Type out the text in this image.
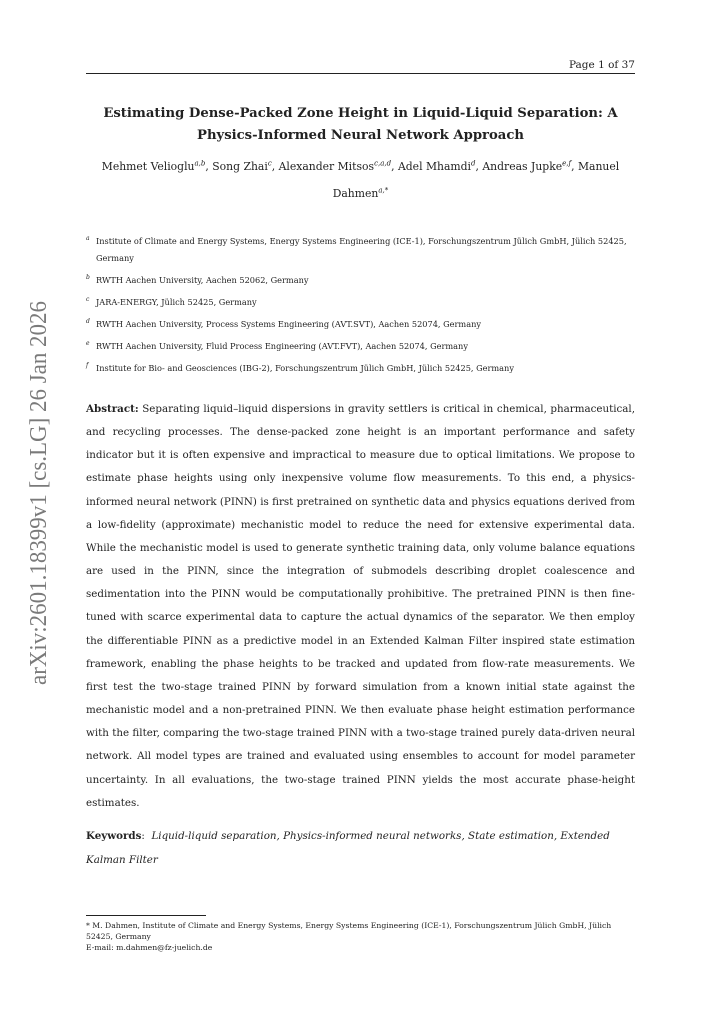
arXiv:2601.18399v1 [cs.LG] 26 Jan 2026
Page 1 of 37
Estimating Dense-Packed Zone Height in Liquid-Liquid Separation: A
Physics-Informed Neural Network Approach
Mehmet Velioglu$^{a,b}$, Song Zhai$^c$, Alexander Mitsos$^{c,a,d}$, Adel Mhamdi$^d$, Andreas Jupke$^{e,f}$, Manuel Dahmen$^{a,*}$
a Institute of Climate and Energy Systems, Energy Systems Engineering (ICE-1), Forschungszentrum Jülich GmbH, Jülich 52425, Germany
b RWTH Aachen University, Aachen 52062, Germany
c JARA-ENERGY, Jülich 52425, Germany
d RWTH Aachen University, Process Systems Engineering (AVT.SVT), Aachen 52074, Germany
e RWTH Aachen University, Fluid Process Engineering (AVT.FVT), Aachen 52074, Germany
f Institute for Bio- and Geosciences (IBG-2), Forschungszentrum Jülich GmbH, Jülich 52425, Germany
Abstract: Separating liquid–liquid dispersions in gravity settlers is critical in chemical, pharmaceutical, and recycling processes. The dense-packed zone height is an important performance and safety indicator but it is often expensive and impractical to measure due to optical limitations. We propose to estimate phase heights using only inexpensive volume flow measurements. To this end, a physics-informed neural network (PINN) is first pretrained on synthetic data and physics equations derived from a low-fidelity (approximate) mechanistic model to reduce the need for extensive experimental data. While the mechanistic model is used to generate synthetic training data, only volume balance equations are used in the PINN, since the integration of submodels describing droplet coalescence and sedimentation into the PINN would be computationally prohibitive. The pretrained PINN is then fine-tuned with scarce experimental data to capture the actual dynamics of the separator. We then employ the differentiable PINN as a predictive model in an Extended Kalman Filter inspired state estimation framework, enabling the phase heights to be tracked and updated from flow-rate measurements. We first test the two-stage trained PINN by forward simulation from a known initial state against the mechanistic model and a non-pretrained PINN. We then evaluate phase height estimation performance with the filter, comparing the two-stage trained PINN with a two-stage trained purely data-driven neural network. All model types are trained and evaluated using ensembles to account for model parameter uncertainty. In all evaluations, the two-stage trained PINN yields the most accurate phase-height estimates.
Keywords:  Liquid-liquid separation, Physics-informed neural networks, State estimation, Extended Kalman Filter
* M. Dahmen, Institute of Climate and Energy Systems, Energy Systems Engineering (ICE-1), Forschungszentrum Jülich GmbH, Jülich 52425, Germany
E-mail: m.dahmen@fz-juelich.de
